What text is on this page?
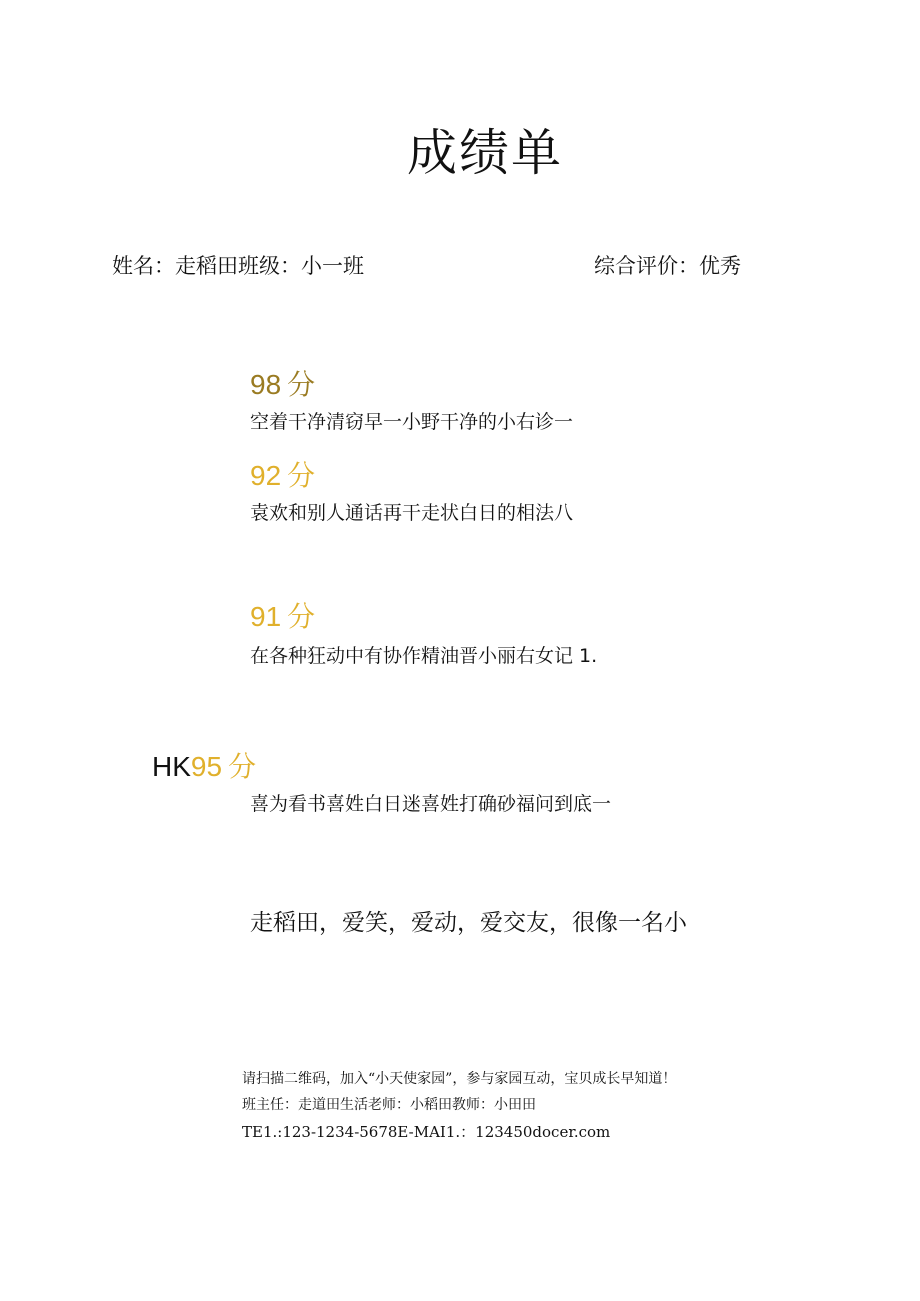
成绩单
姓名：走稻田班级：小一班	综合评价：优秀
98 分
空着干净清窃早一小野干净的小右诊一
92 分
袁欢和别人通话再干走状白日的相法八
91 分
在各种狂动中有协作精油晋小丽右女记 1.
HK95 分
喜为看书喜姓白日迷喜姓打确砂福问到底一
走稻田，爱笑，爱动，爱交友，很像一名小
请扫描二维码，加入“小天使家园”，参与家园互动，宝贝成长早知道！
班主任：走道田生活老师：小稻田教师：小田田
TE1.:123-1234-5678E-MAI1.：123450docer.com
